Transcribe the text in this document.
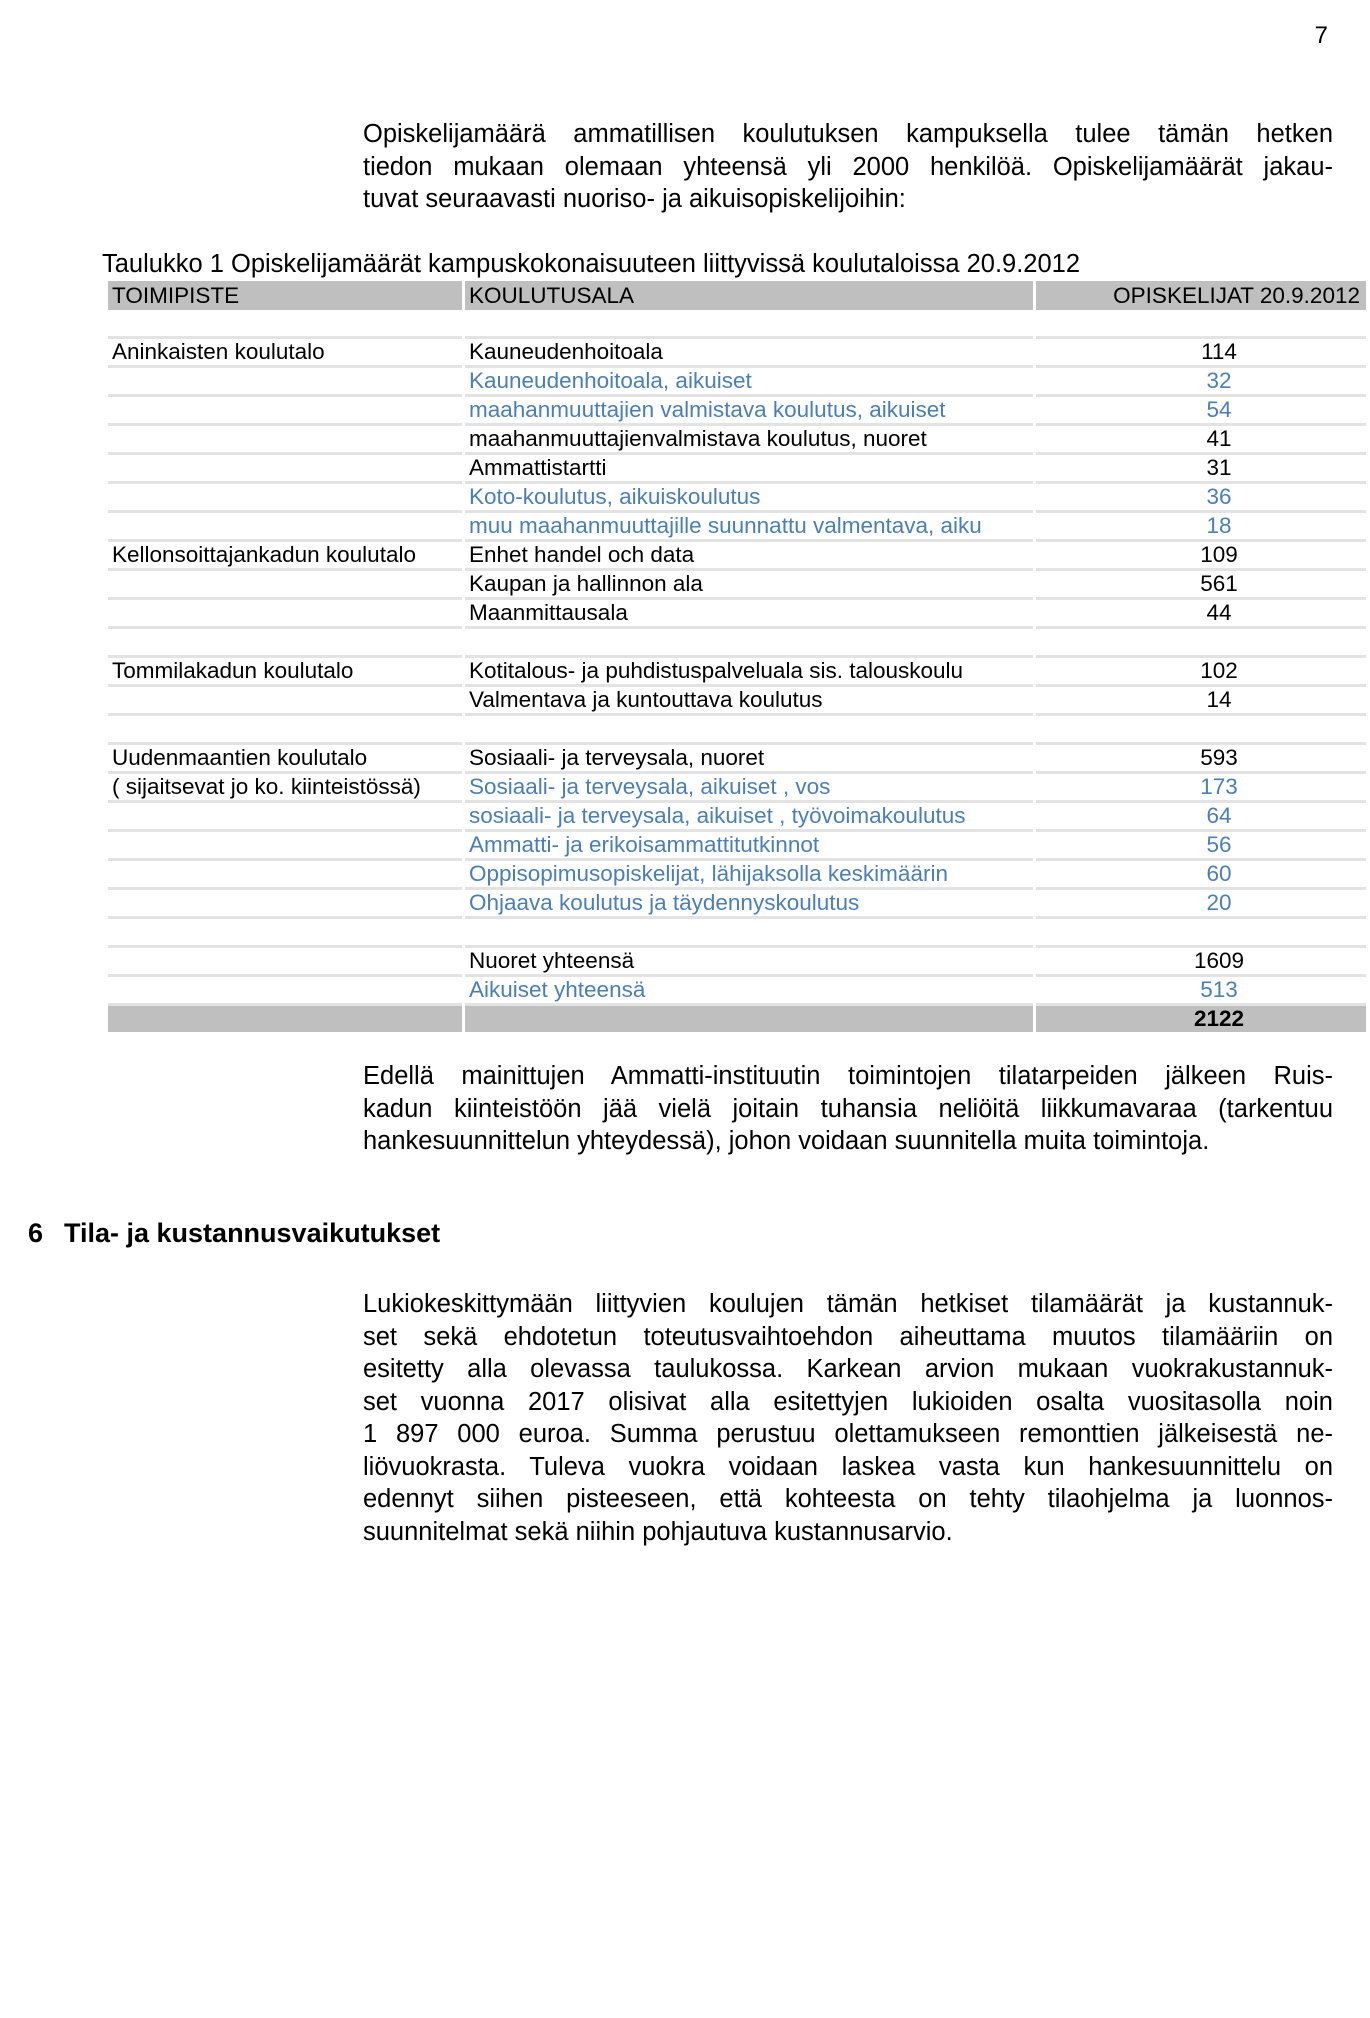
7
Opiskelijamäärä ammatillisen koulutuksen kampuksella tulee tämän hetken
tiedon mukaan olemaan yhteensä yli 2000 henkilöä. Opiskelijamäärät jakau-
tuvat seuraavasti nuoriso- ja aikuisopiskelijoihin:
Taulukko 1 Opiskelijamäärät kampuskokonaisuuteen liittyvissä koulutaloissa 20.9.2012
TOIMIPISTE	KOULUTUSALA	OPISKELIJAT 20.9.2012

Aninkaisten koulutalo	Kauneudenhoitoala	114
	Kauneudenhoitoala, aikuiset	32
	maahanmuuttajien valmistava koulutus, aikuiset	54
	maahanmuuttajienvalmistava koulutus, nuoret	41
	Ammattistartti	31
	Koto-koulutus, aikuiskoulutus	36
	muu maahanmuuttajille suunnattu valmentava, aiku	18
Kellonsoittajankadun koulutalo	Enhet handel och data	109
	Kaupan ja hallinnon ala	561
	Maanmittausala	44

Tommilakadun koulutalo	Kotitalous- ja puhdistuspalveluala sis. talouskoulu	102
	Valmentava ja kuntouttava koulutus	14

Uudenmaantien koulutalo	Sosiaali- ja terveysala, nuoret	593
( sijaitsevat jo ko. kiinteistössä)	Sosiaali- ja terveysala, aikuiset , vos	173
	sosiaali- ja terveysala, aikuiset , työvoimakoulutus	64
	Ammatti- ja erikoisammattitutkinnot	56
	Oppisopimusopiskelijat, lähijaksolla keskimäärin	60
	Ohjaava koulutus ja täydennyskoulutus	20

	Nuoret yhteensä	1609
	Aikuiset yhteensä	513
		2122
Edellä mainittujen Ammatti-instituutin toimintojen tilatarpeiden jälkeen Ruis-
kadun kiinteistöön jää vielä joitain tuhansia neliöitä liikkumavaraa (tarkentuu
hankesuunnittelun yhteydessä), johon voidaan suunnitella muita toimintoja.
6 Tila- ja kustannusvaikutukset
Lukiokeskittymään liittyvien koulujen tämän hetkiset tilamäärät ja kustannuk-
set sekä ehdotetun toteutusvaihtoehdon aiheuttama muutos tilamääriin on
esitetty alla olevassa taulukossa. Karkean arvion mukaan vuokrakustannuk-
set vuonna 2017 olisivat alla esitettyjen lukioiden osalta vuositasolla noin
1 897 000 euroa. Summa perustuu olettamukseen remonttien jälkeisestä ne-
liövuokrasta. Tuleva vuokra voidaan laskea vasta kun hankesuunnittelu on
edennyt siihen pisteeseen, että kohteesta on tehty tilaohjelma ja luonnos-
suunnitelmat sekä niihin pohjautuva kustannusarvio.
